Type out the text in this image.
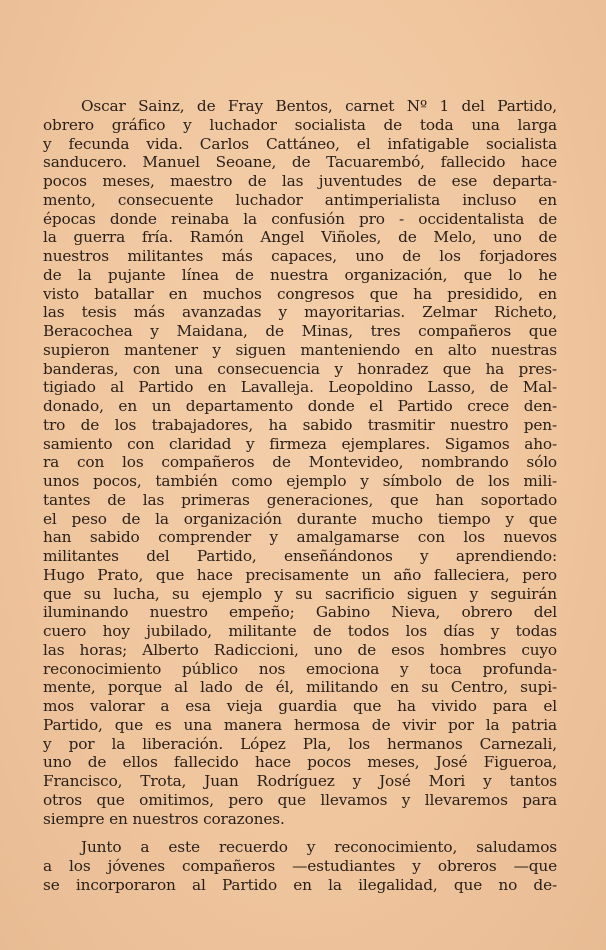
Oscar Sainz, de Fray Bentos, carnet Nº 1 del Partido,
obrero gráfico y luchador socialista de toda una larga
y fecunda vida. Carlos Cattáneo, el infatigable socialista
sanducero. Manuel Seoane, de Tacuarembó, fallecido hace
pocos meses, maestro de las juventudes de ese departa-
mento, consecuente luchador antimperialista incluso en
épocas donde reinaba la confusión pro - occidentalista de
la guerra fría. Ramón Angel Viñoles, de Melo, uno de
nuestros militantes más capaces, uno de los forjadores
de la pujante línea de nuestra organización, que lo he
visto batallar en muchos congresos que ha presidido, en
las tesis más avanzadas y mayoritarias. Zelmar Richeto,
Beracochea y Maidana, de Minas, tres compañeros que
supieron mantener y siguen manteniendo en alto nuestras
banderas, con una consecuencia y honradez que ha pres-
tigiado al Partido en Lavalleja. Leopoldino Lasso, de Mal-
donado, en un departamento donde el Partido crece den-
tro de los trabajadores, ha sabido trasmitir nuestro pen-
samiento con claridad y firmeza ejemplares. Sigamos aho-
ra con los compañeros de Montevideo, nombrando sólo
unos pocos, también como ejemplo y símbolo de los mili-
tantes de las primeras generaciones, que han soportado
el peso de la organización durante mucho tiempo y que
han sabido comprender y amalgamarse con los nuevos
militantes del Partido, enseñándonos y aprendiendo:
Hugo Prato, que hace precisamente un año falleciera, pero
que su lucha, su ejemplo y su sacrificio siguen y seguirán
iluminando nuestro empeño; Gabino Nieva, obrero del
cuero hoy jubilado, militante de todos los días y todas
las horas; Alberto Radiccioni, uno de esos hombres cuyo
reconocimiento público nos emociona y toca profunda-
mente, porque al lado de él, militando en su Centro, supi-
mos valorar a esa vieja guardia que ha vivido para el
Partido, que es una manera hermosa de vivir por la patria
y por la liberación. López Pla, los hermanos Carnezali,
uno de ellos fallecido hace pocos meses, José Figueroa,
Francisco, Trota, Juan Rodríguez y José Mori y tantos
otros que omitimos, pero que llevamos y llevaremos para
siempre en nuestros corazones.
Junto a este recuerdo y reconocimiento, saludamos
a los jóvenes compañeros —estudiantes y obreros —que
se incorporaron al Partido en la ilegalidad, que no de-
